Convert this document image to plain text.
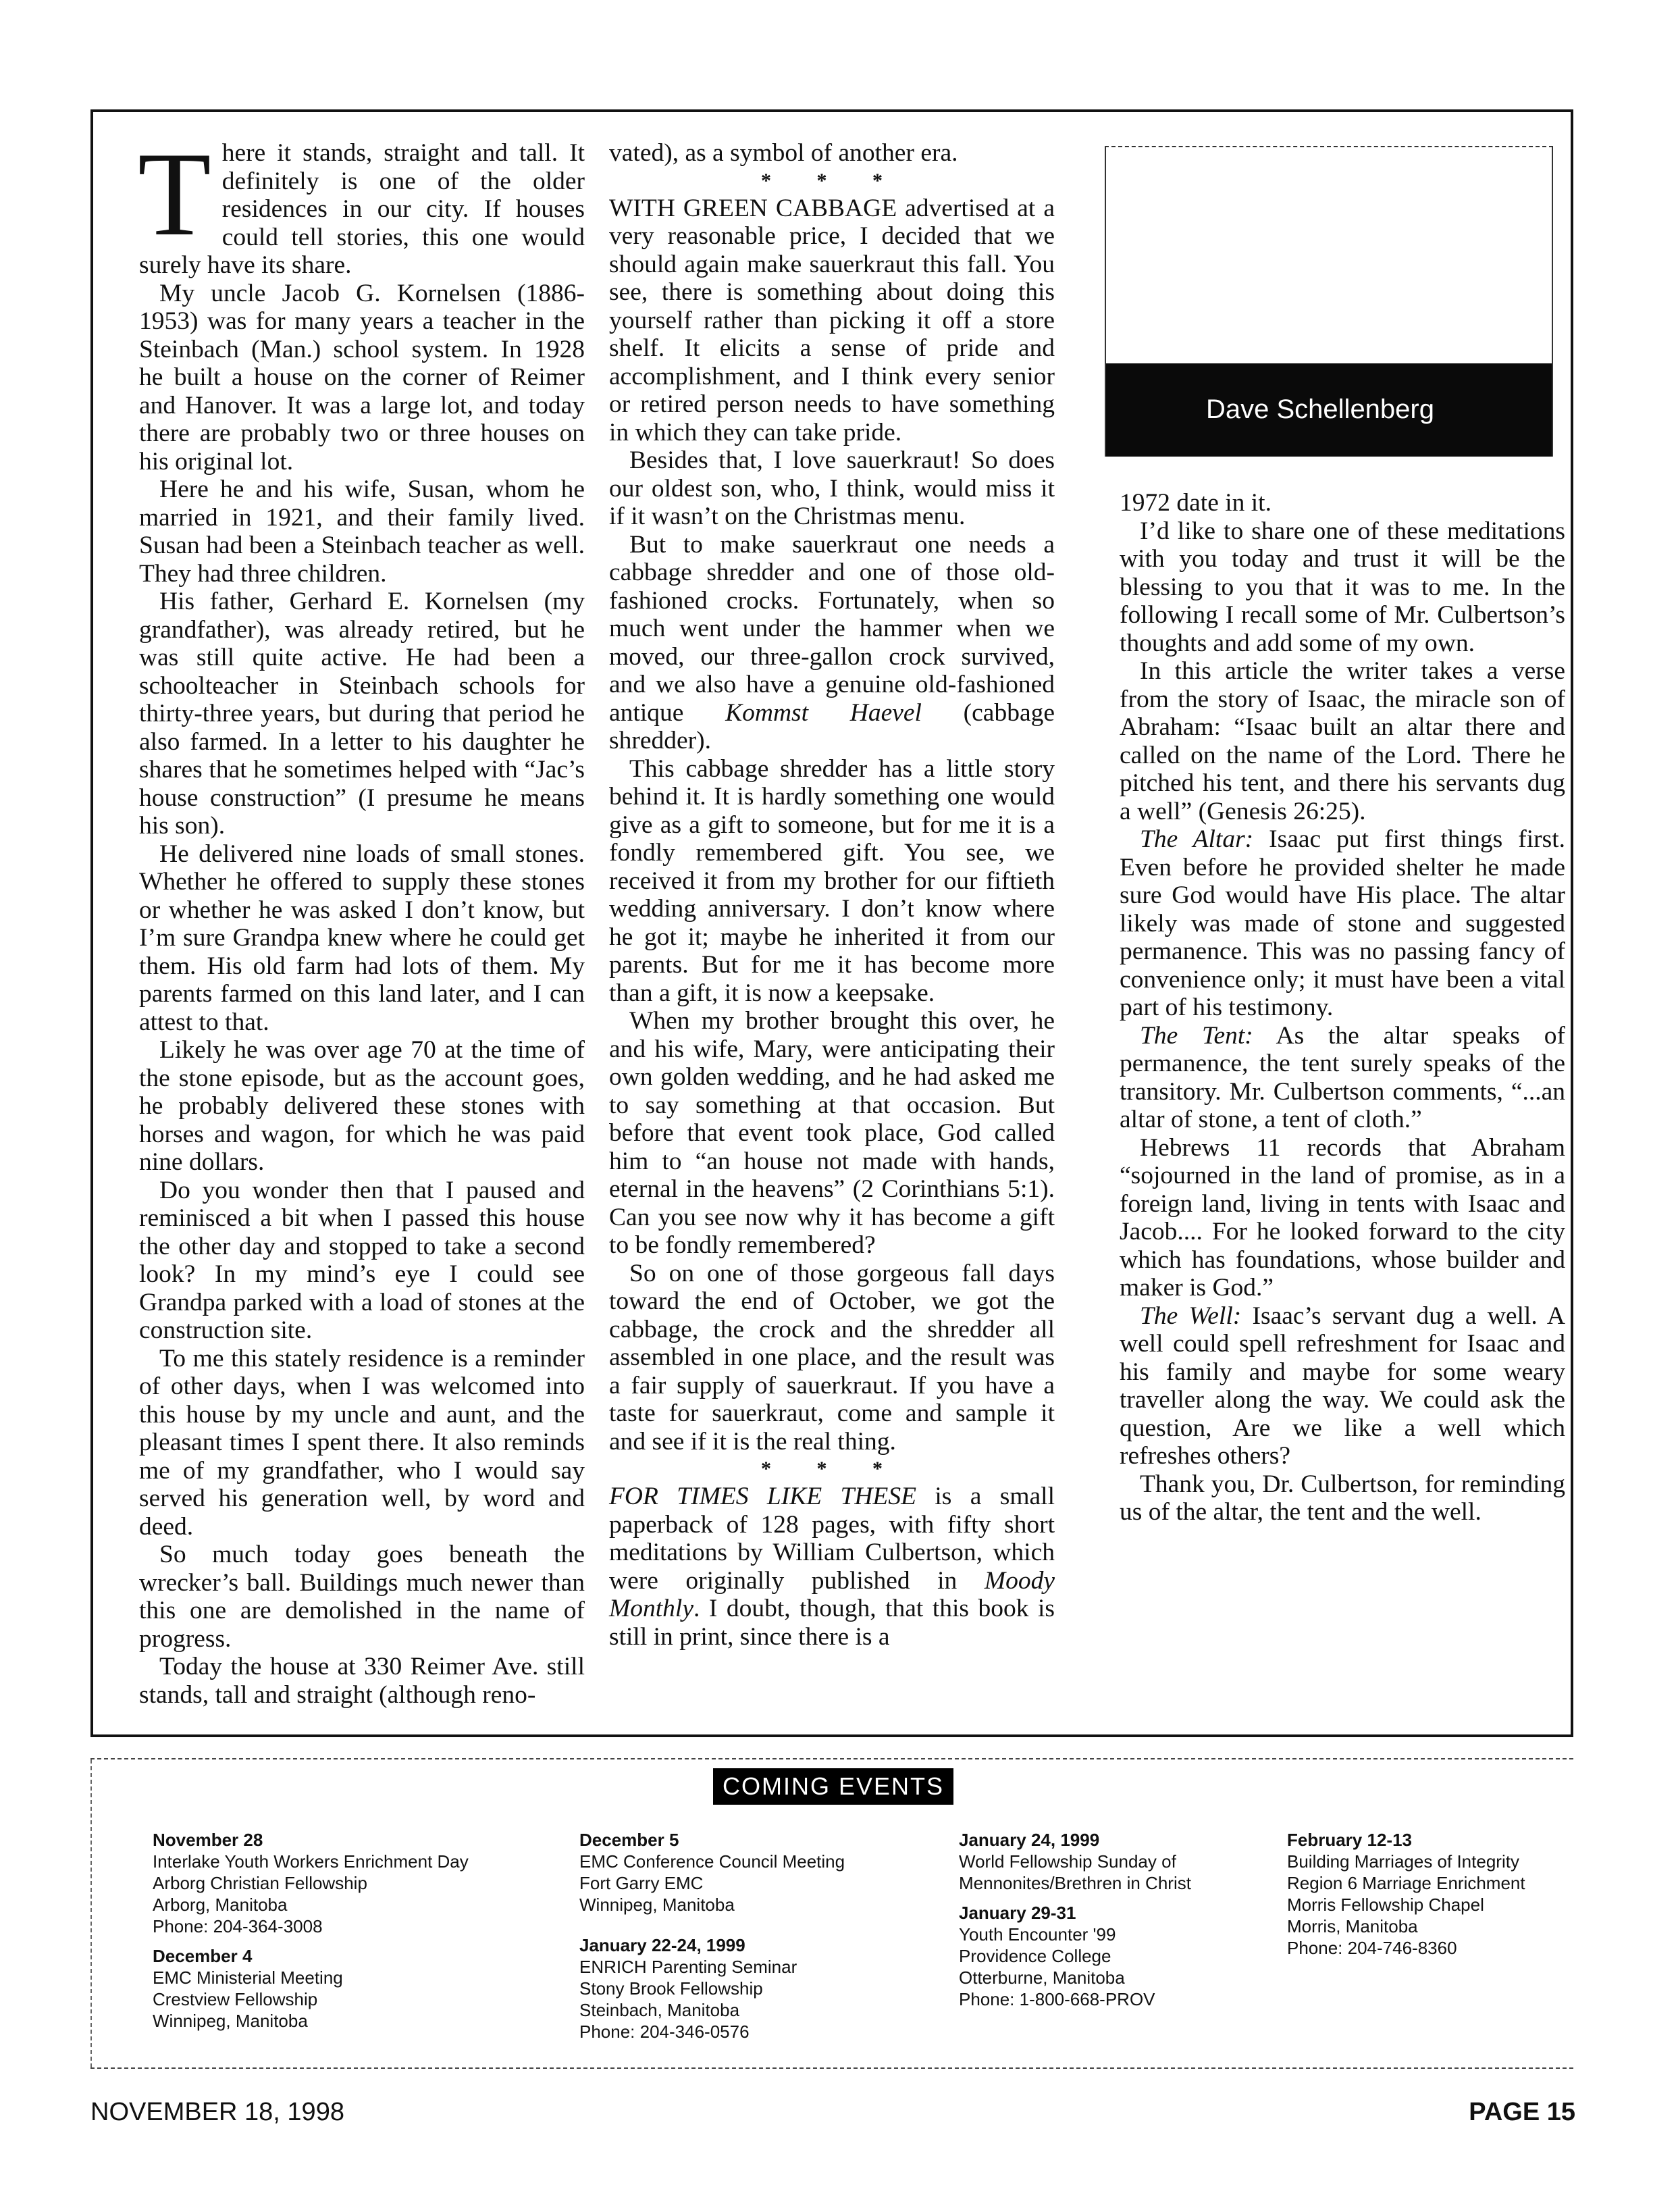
T here it stands, straight and tall. It definitely is one of the older residences in our city. If houses could tell stories, this one would surely have its share.

My uncle Jacob G. Kornelsen (1886-1953) was for many years a teacher in the Steinbach (Man.) school system. In 1928 he built a house on the corner of Reimer and Hanover. It was a large lot, and today there are probably two or three houses on his original lot.

Here he and his wife, Susan, whom he married in 1921, and their family lived. Susan had been a Steinbach teacher as well. They had three children.

His father, Gerhard E. Kornelsen (my grandfather), was already retired, but he was still quite active. He had been a schoolteacher in Steinbach schools for thirty-three years, but during that period he also farmed. In a letter to his daughter he shares that he sometimes helped with “Jac’s house construction” (I presume he means his son).

He delivered nine loads of small stones. Whether he offered to supply these stones or whether he was asked I don’t know, but I’m sure Grandpa knew where he could get them. His old farm had lots of them. My parents farmed on this land later, and I can attest to that.

Likely he was over age 70 at the time of the stone episode, but as the account goes, he probably delivered these stones with horses and wagon, for which he was paid nine dollars.

Do you wonder then that I paused and reminisced a bit when I passed this house the other day and stopped to take a second look? In my mind’s eye I could see Grandpa parked with a load of stones at the construction site.

To me this stately residence is a reminder of other days, when I was welcomed into this house by my uncle and aunt, and the pleasant times I spent there. It also reminds me of my grandfather, who I would say served his generation well, by word and deed.

So much today goes beneath the wrecker’s ball. Buildings much newer than this one are demolished in the name of progress.

Today the house at 330 Reimer Ave. still stands, tall and straight (although reno-

vated), as a symbol of another era.

* * *

WITH GREEN CABBAGE advertised at a very reasonable price, I decided that we should again make sauerkraut this fall. You see, there is something about doing this yourself rather than picking it off a store shelf. It elicits a sense of pride and accomplishment, and I think every senior or retired person needs to have something in which they can take pride.

Besides that, I love sauerkraut! So does our oldest son, who, I think, would miss it if it wasn’t on the Christmas menu.

But to make sauerkraut one needs a cabbage shredder and one of those old-fashioned crocks. Fortunately, when so much went under the hammer when we moved, our three-gallon crock survived, and we also have a genuine old-fashioned antique Kommst Haevel (cabbage shredder).

This cabbage shredder has a little story behind it. It is hardly something one would give as a gift to someone, but for me it is a fondly remembered gift. You see, we received it from my brother for our fiftieth wedding anniversary. I don’t know where he got it; maybe he inherited it from our parents. But for me it has become more than a gift, it is now a keepsake.

When my brother brought this over, he and his wife, Mary, were anticipating their own golden wedding, and he had asked me to say something at that occasion. But before that event took place, God called him to “an house not made with hands, eternal in the heavens” (2 Corinthians 5:1). Can you see now why it has become a gift to be fondly remembered?

So on one of those gorgeous fall days toward the end of October, we got the cabbage, the crock and the shredder all assembled in one place, and the result was a fair supply of sauerkraut. If you have a taste for sauerkraut, come and sample it and see if it is the real thing.

* * *

FOR TIMES LIKE THESE is a small paperback of 128 pages, with fifty short meditations by William Culbertson, which were originally published in Moody Monthly. I doubt, though, that this book is still in print, since there is a

Dave Schellenberg

1972 date in it.

I’d like to share one of these meditations with you today and trust it will be the blessing to you that it was to me. In the following I recall some of Mr. Culbertson’s thoughts and add some of my own.

In this article the writer takes a verse from the story of Isaac, the miracle son of Abraham: “Isaac built an altar there and called on the name of the Lord. There he pitched his tent, and there his servants dug a well” (Genesis 26:25).

The Altar: Isaac put first things first. Even before he provided shelter he made sure God would have His place. The altar likely was made of stone and suggested permanence. This was no passing fancy of convenience only; it must have been a vital part of his testimony.

The Tent: As the altar speaks of permanence, the tent surely speaks of the transitory. Mr. Culbertson comments, “...an altar of stone, a tent of cloth.”

Hebrews 11 records that Abraham “sojourned in the land of promise, as in a foreign land, living in tents with Isaac and Jacob.... For he looked forward to the city which has foundations, whose builder and maker is God.”

The Well: Isaac’s servant dug a well. A well could spell refreshment for Isaac and his family and maybe for some weary traveller along the way. We could ask the question, Are we like a well which refreshes others?

Thank you, Dr. Culbertson, for reminding us of the altar, the tent and the well.

COMING EVENTS
November 28
Interlake Youth Workers Enrichment Day
Arborg Christian Fellowship
Arborg, Manitoba
Phone: 204-364-3008
December 4
EMC Ministerial Meeting
Crestview Fellowship
Winnipeg, Manitoba
December 5
EMC Conference Council Meeting
Fort Garry EMC
Winnipeg, Manitoba
January 22-24, 1999
ENRICH Parenting Seminar
Stony Brook Fellowship
Steinbach, Manitoba
Phone: 204-346-0576
January 24, 1999
World Fellowship Sunday of
Mennonites/Brethren in Christ
January 29-31
Youth Encounter '99
Providence College
Otterburne, Manitoba
Phone: 1-800-668-PROV
February 12-13
Building Marriages of Integrity
Region 6 Marriage Enrichment
Morris Fellowship Chapel
Morris, Manitoba
Phone: 204-746-8360
NOVEMBER 18, 1998	PAGE 15
